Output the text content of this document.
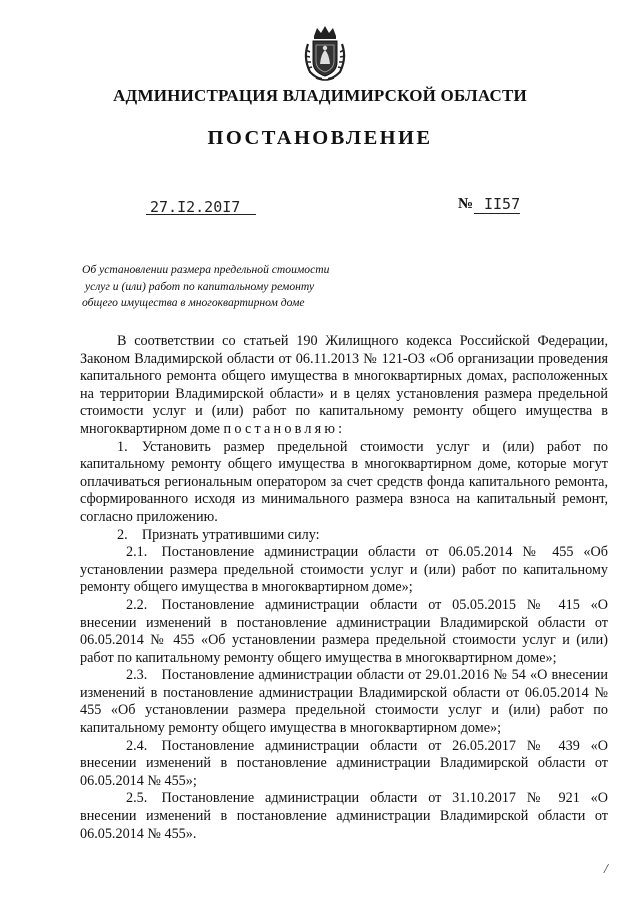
АДМИНИСТРАЦИЯ ВЛАДИМИРСКОЙ ОБЛАСТИ
ПОСТАНОВЛЕНИЕ
27.I2.20I7	№ II57
Об установлении размера предельной стоимости
услуг и (или) работ по капитальному ремонту
общего имущества в многоквартирном доме
В соответствии со статьей 190 Жилищного кодекса Российской Федерации, Законом Владимирской области от 06.11.2013 № 121-ОЗ «Об организации проведения капитального ремонта общего имущества в многоквартирных домах, расположенных на территории Владимирской области» и в целях установления размера предельной стоимости услуг и (или) работ по капитальному ремонту общего имущества в многоквартирном доме постановляю:
1. Установить размер предельной стоимости услуг и (или) работ по капитальному ремонту общего имущества в многоквартирном доме, которые могут оплачиваться региональным оператором за счет средств фонда капитального ремонта, сформированного исходя из минимального размера взноса на капитальный ремонт, согласно приложению.
2. Признать утратившими силу:
2.1. Постановление администрации области от 06.05.2014 № 455 «Об установлении размера предельной стоимости услуг и (или) работ по капитальному ремонту общего имущества в многоквартирном доме»;
2.2. Постановление администрации области от 05.05.2015 № 415 «О внесении изменений в постановление администрации Владимирской области от 06.05.2014 № 455 «Об установлении размера предельной стоимости услуг и (или) работ по капитальному ремонту общего имущества в многоквартирном доме»;
2.3. Постановление администрации области от 29.01.2016 № 54 «О внесении изменений в постановление администрации Владимирской области от 06.05.2014 № 455 «Об установлении размера предельной стоимости услуг и (или) работ по капитальному ремонту общего имущества в многоквартирном доме»;
2.4. Постановление администрации области от 26.05.2017 № 439 «О внесении изменений в постановление администрации Владимирской области от 06.05.2014 № 455»;
2.5. Постановление администрации области от 31.10.2017 № 921 «О внесении изменений в постановление администрации Владимирской области от 06.05.2014 № 455».
/
